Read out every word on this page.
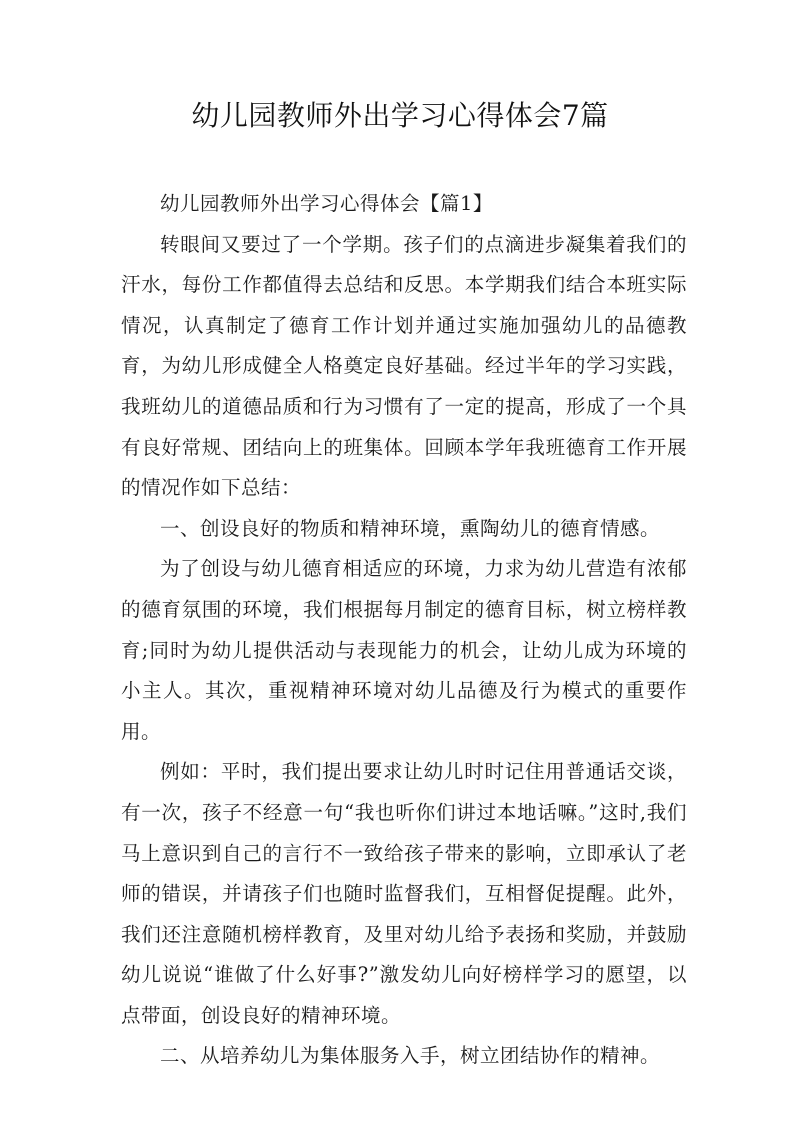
幼儿园教师外出学习心得体会7篇

幼儿园教师外出学习心得体会【篇1】

转眼间又要过了一个学期。孩子们的点滴进步凝集着我们的汗水，每份工作都值得去总结和反思。本学期我们结合本班实际情况，认真制定了德育工作计划并通过实施加强幼儿的品德教育，为幼儿形成健全人格奠定良好基础。经过半年的学习实践，我班幼儿的道德品质和行为习惯有了一定的提高，形成了一个具有良好常规、团结向上的班集体。回顾本学年我班德育工作开展的情况作如下总结：

一、创设良好的物质和精神环境，熏陶幼儿的德育情感。

为了创设与幼儿德育相适应的环境，力求为幼儿营造有浓郁的德育氛围的环境，我们根据每月制定的德育目标，树立榜样教育;同时为幼儿提供活动与表现能力的机会，让幼儿成为环境的小主人。其次，重视精神环境对幼儿品德及行为模式的重要作用。

例如：平时，我们提出要求让幼儿时时记住用普通话交谈，有一次，孩子不经意一句“我也听你们讲过本地话嘛。”这时,我们马上意识到自己的言行不一致给孩子带来的影响，立即承认了老师的错误，并请孩子们也随时监督我们，互相督促提醒。此外，我们还注意随机榜样教育，及里对幼儿给予表扬和奖励，并鼓励幼儿说说“谁做了什么好事?”激发幼儿向好榜样学习的愿望，以点带面，创设良好的精神环境。

二、从培养幼儿为集体服务入手，树立团结协作的精神。
